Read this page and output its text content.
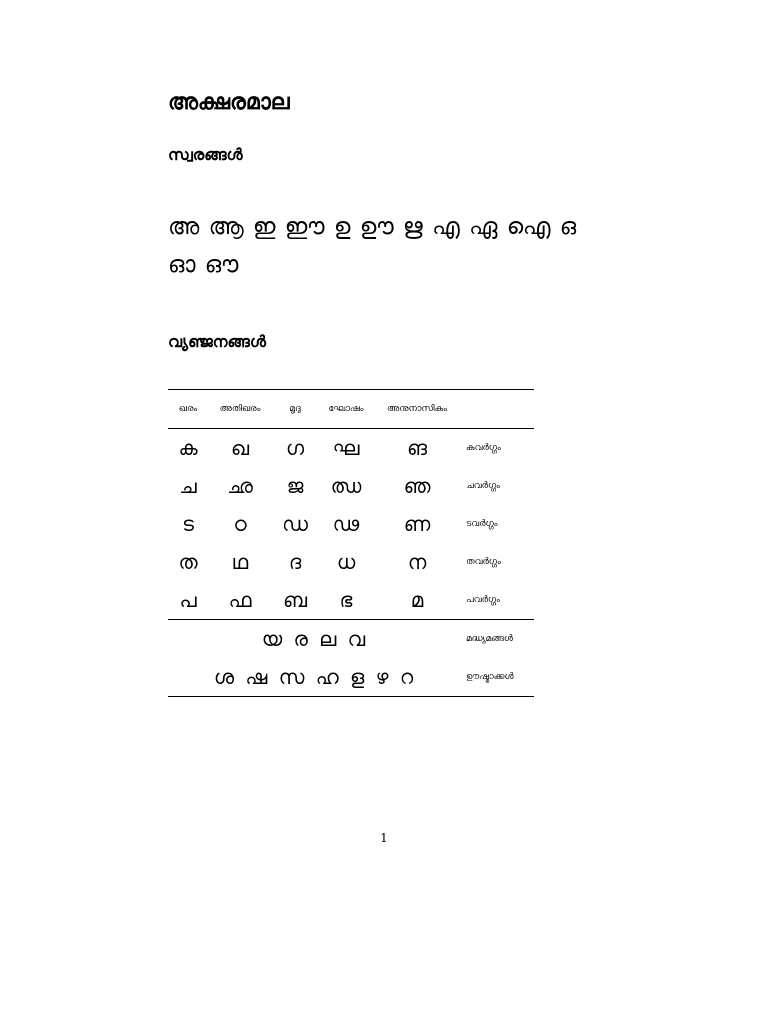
അക്ഷരമാല
സ്വരങ്ങൾ
അ ആ ഇ ഈ ഉ ഊ ഋ എ ഏ ഐ ഒ ഓ ഔ
വ്യഞ്ജനങ്ങൾ
ഖരം	അതിഖരം	മൃദു	ഘോഷം	അനുനാസികം	
ക	ഖ	ഗ	ഘ	ങ	കവർഗ്ഗം
ച	ഛ	ജ	ഝ	ഞ	ചവർഗ്ഗം
ട	ഠ	ഡ	ഢ	ണ	ടവർഗ്ഗം
ത	ഥ	ദ	ധ	ന	തവർഗ്ഗം
പ	ഫ	ബ	ഭ	മ	പവർഗ്ഗം
യ ര ല വ					മദ്ധ്യമങ്ങൾ
ശ ഷ സ ഹ ള ഴ റ					ഊഷ്മാക്കൾ
1
